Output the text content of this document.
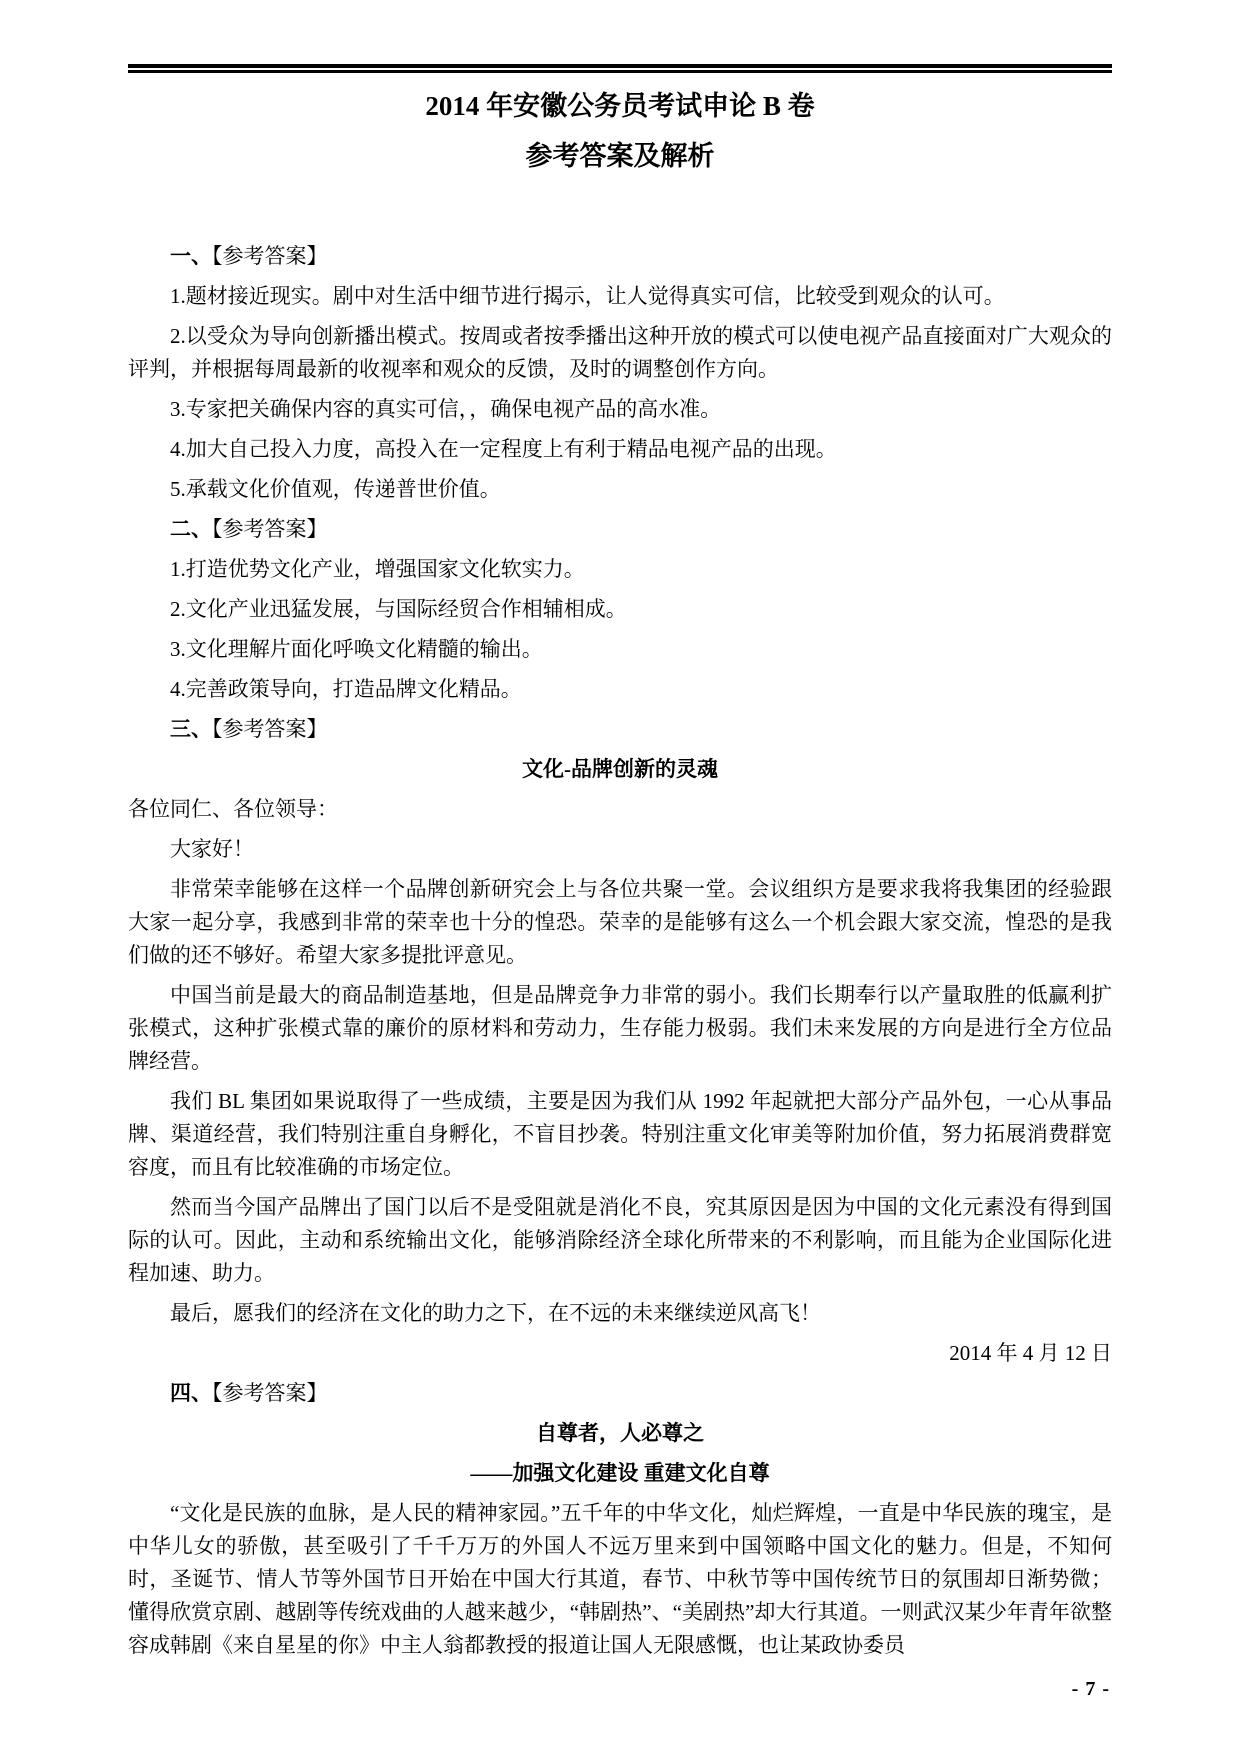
2014 年安徽公务员考试申论 B 卷
参考答案及解析
一、【参考答案】

1.题材接近现实。剧中对生活中细节进行揭示，让人觉得真实可信，比较受到观众的认可。

2.以受众为导向创新播出模式。按周或者按季播出这种开放的模式可以使电视产品直接面对广大观众的评判，并根据每周最新的收视率和观众的反馈，及时的调整创作方向。

3.专家把关确保内容的真实可信，，确保电视产品的高水准。

4.加大自己投入力度，高投入在一定程度上有利于精品电视产品的出现。

5.承载文化价值观，传递普世价值。

二、【参考答案】

1.打造优势文化产业，增强国家文化软实力。

2.文化产业迅猛发展，与国际经贸合作相辅相成。

3.文化理解片面化呼唤文化精髓的输出。

4.完善政策导向，打造品牌文化精品。

三、【参考答案】
文化-品牌创新的灵魂

各位同仁、各位领导：

大家好！

非常荣幸能够在这样一个品牌创新研究会上与各位共聚一堂。会议组织方是要求我将我集团的经验跟大家一起分享，我感到非常的荣幸也十分的惶恐。荣幸的是能够有这么一个机会跟大家交流，惶恐的是我们做的还不够好。希望大家多提批评意见。

中国当前是最大的商品制造基地，但是品牌竞争力非常的弱小。我们长期奉行以产量取胜的低赢利扩张模式，这种扩张模式靠的廉价的原材料和劳动力，生存能力极弱。我们未来发展的方向是进行全方位品牌经营。

我们 BL 集团如果说取得了一些成绩，主要是因为我们从 1992 年起就把大部分产品外包，一心从事品牌、渠道经营，我们特别注重自身孵化，不盲目抄袭。特别注重文化审美等附加价值，努力拓展消费群宽容度，而且有比较准确的市场定位。

然而当今国产品牌出了国门以后不是受阻就是消化不良，究其原因是因为中国的文化元素没有得到国际的认可。因此，主动和系统输出文化，能够消除经济全球化所带来的不利影响，而且能为企业国际化进程加速、助力。

最后，愿我们的经济在文化的助力之下，在不远的未来继续逆风高飞！

2014 年 4 月 12 日

四、【参考答案】
自尊者，人必尊之
——加强文化建设 重建文化自尊

“文化是民族的血脉，是人民的精神家园。”五千年的中华文化，灿烂辉煌，一直是中华民族的瑰宝，是中华儿女的骄傲，甚至吸引了千千万万的外国人不远万里来到中国领略中国文化的魅力。但是，不知何时，圣诞节、情人节等外国节日开始在中国大行其道，春节、中秋节等中国传统节日的氛围却日渐势微；懂得欣赏京剧、越剧等传统戏曲的人越来越少，“韩剧热”、“美剧热”却大行其道。一则武汉某少年青年欲整容成韩剧《来自星星的你》中主人翁都教授的报道让国人无限感慨，也让某政协委员

- 7 -
